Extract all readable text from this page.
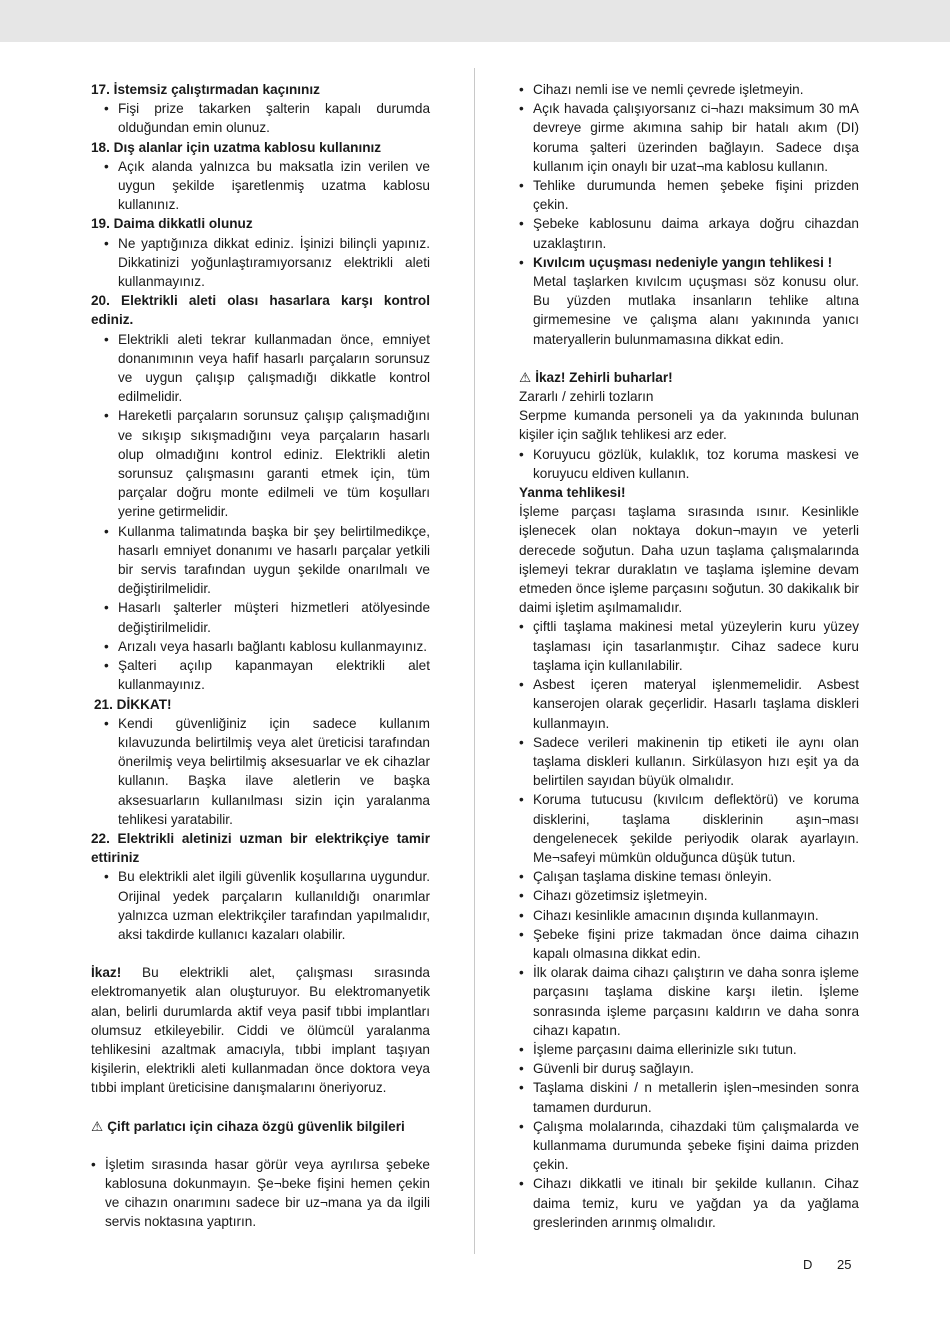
17. İstemsiz çalıştırmadan kaçınınız

• Fişi prize takarken şalterin kapalı durumda olduğundan emin olunuz.

18. Dış alanlar için uzatma kablosu kullanınız

• Açık alanda yalnızca bu maksatla izin verilen ve uygun şekilde işaretlenmiş uzatma kablosu kullanınız.

19. Daima dikkatli olunuz

• Ne yaptığınıza dikkat ediniz. İşinizi bilinçli yapınız. Dikkatinizi yoğunlaştıramıyorsanız elektrikli aleti kullanmayınız.

20. Elektrikli aleti olası hasarlara karşı kontrol ediniz.

• Elektrikli aleti tekrar kullanmadan önce, emniyet donanımının veya hafif hasarlı parçaların sorunsuz ve uygun çalışıp çalışmadığı dikkatle kontrol edilmelidir.
• Hareketli parçaların sorunsuz çalışıp çalışmadığını ve sıkışıp sıkışmadığını veya parçaların hasarlı olup olmadığını kontrol ediniz. Elektrikli aletin sorunsuz çalışmasını garanti etmek için, tüm parçalar doğru monte edilmeli ve tüm koşulları yerine getirmelidir.
• Kullanma talimatında başka bir şey belirtilmedikçe, hasarlı emniyet donanımı ve hasarlı parçalar yetkili bir servis tarafından uygun şekilde onarılmalı ve değiştirilmelidir.
• Hasarlı şalterler müşteri hizmetleri atölyesinde değiştirilmelidir.
• Arızalı veya hasarlı bağlantı kablosu kullanmayınız.
• Şalteri açılıp kapanmayan elektrikli alet kullanmayınız.

21. DİKKAT!

• Kendi güvenliğiniz için sadece kullanım kılavuzunda belirtilmiş veya alet üreticisi tarafından önerilmiş veya belirtilmiş aksesuarlar ve ek cihazlar kullanın. Başka ilave aletlerin ve başka aksesuarların kullanılması sizin için yaralanma tehlikesi yaratabilir.

22. Elektrikli aletinizi uzman bir elektrikçiye tamir ettiriniz

• Bu elektrikli alet ilgili güvenlik koşullarına uygundur. Orijinal yedek parçaların kullanıldığı onarımlar yalnızca uzman elektrikçiler tarafından yapılmalıdır, aksi takdirde kullanıcı kazaları olabilir.

İkaz! Bu elektrikli alet, çalışması sırasında elektromanyetik alan oluşturuyor. Bu elektromanyetik alan, belirli durumlarda aktif veya pasif tıbbi implantları olumsuz etkileyebilir. Ciddi ve ölümcül yaralanma tehlikesini azaltmak amacıyla, tıbbi implant taşıyan kişilerin, elektrikli aleti kullanmadan önce doktora veya tıbbi implant üreticisine danışmalarını öneriyoruz.

⚠ Çift parlatıcı için cihaza özgü güvenlik bilgileri

• İşletim sırasında hasar görür veya ayrılırsa şebeke kablosuna dokunmayın. Şe¬beke fişini hemen çekin ve cihazın onarımını sadece bir uz¬mana ya da ilgili servis noktasına yaptırın.
• Cihazı nemli ise ve nemli çevrede işletmeyin.
• Açık havada çalışıyorsanız ci¬hazı maksimum 30 mA devreye girme akımına sahip bir hatalı akım (DI) koruma şalteri üzerinden bağlayın. Sadece dışa kullanım için onaylı bir uzat¬ma kablosu kullanın.
• Tehlike durumunda hemen şebeke fişini prizden çekin.
• Şebeke kablosunu daima arkaya doğru cihazdan uzaklaştırın.
• Kıvılcım uçuşması nedeniyle yangın tehlikesi !

Metal taşlarken kıvılcım uçuşması söz konusu olur. Bu yüzden mutlaka insanların tehlike altına girmemesine ve çalışma alanı yakınında yanıcı materyallerin bulunmamasına dikkat edin.

⚠ İkaz! Zehirli buharlar!

Zararlı / zehirli tozların

Serpme kumanda personeli ya da yakınında bulunan kişiler için sağlık tehlikesi arz eder.

• Koruyucu gözlük, kulaklık, toz koruma maskesi ve koruyucu eldiven kullanın.

Yanma tehlikesi!

İşleme parçası taşlama sırasında ısınır. Kesinlikle işlenecek olan noktaya dokun¬mayın ve yeterli derecede soğutun. Daha uzun taşlama çalışmalarında işlemeyi tekrar duraklatın ve taşlama işlemine devam etmeden önce işleme parçasını soğutun. 30 dakikalık bir daimi işletim aşılmamalıdır.

• çiftli taşlama makinesi metal yüzeylerin kuru yüzey taşlaması için tasarlanmıştır. Cihaz sadece kuru taşlama için kullanılabilir.
• Asbest içeren materyal işlenmemelidir. Asbest kanserojen olarak geçerlidir. Hasarlı taşlama diskleri kullanmayın.
• Sadece verileri makinenin tip etiketi ile aynı olan taşlama diskleri kullanın. Sirkülasyon hızı eşit ya da belirtilen sayıdan büyük olmalıdır.
• Koruma tutucusu (kıvılcım deflektörü) ve koruma disklerini, taşlama disklerinin aşın¬ması dengelenecek şekilde periyodik olarak ayarlayın. Me¬safeyi mümkün olduğunca düşük tutun.
• Çalışan taşlama diskine teması önleyin.
• Cihazı gözetimsiz işletmeyin.
• Cihazı kesinlikle amacının dışında kullanmayın.
• Şebeke fişini prize takmadan önce daima cihazın kapalı olmasına dikkat edin.
• İlk olarak daima cihazı çalıştırın ve daha sonra işleme parçasını taşlama diskine karşı iletin. İşleme sonrasında işleme parçasını kaldırın ve daha sonra cihazı kapatın.
• İşleme parçasını daima ellerinizle sıkı tutun.
• Güvenli bir duruş sağlayın.
• Taşlama diskini / n metallerin işlen¬mesinden sonra tamamen durdurun.
• Çalışma molalarında, cihazdaki tüm çalışmalarda ve kullanmama durumunda şebeke fişini daima prizden çekin.
• Cihazı dikkatli ve itinalı bir şekilde kullanın. Cihaz daima temiz, kuru ve yağdan ya da yağlama greslerinden arınmış olmalıdır.
D 25
